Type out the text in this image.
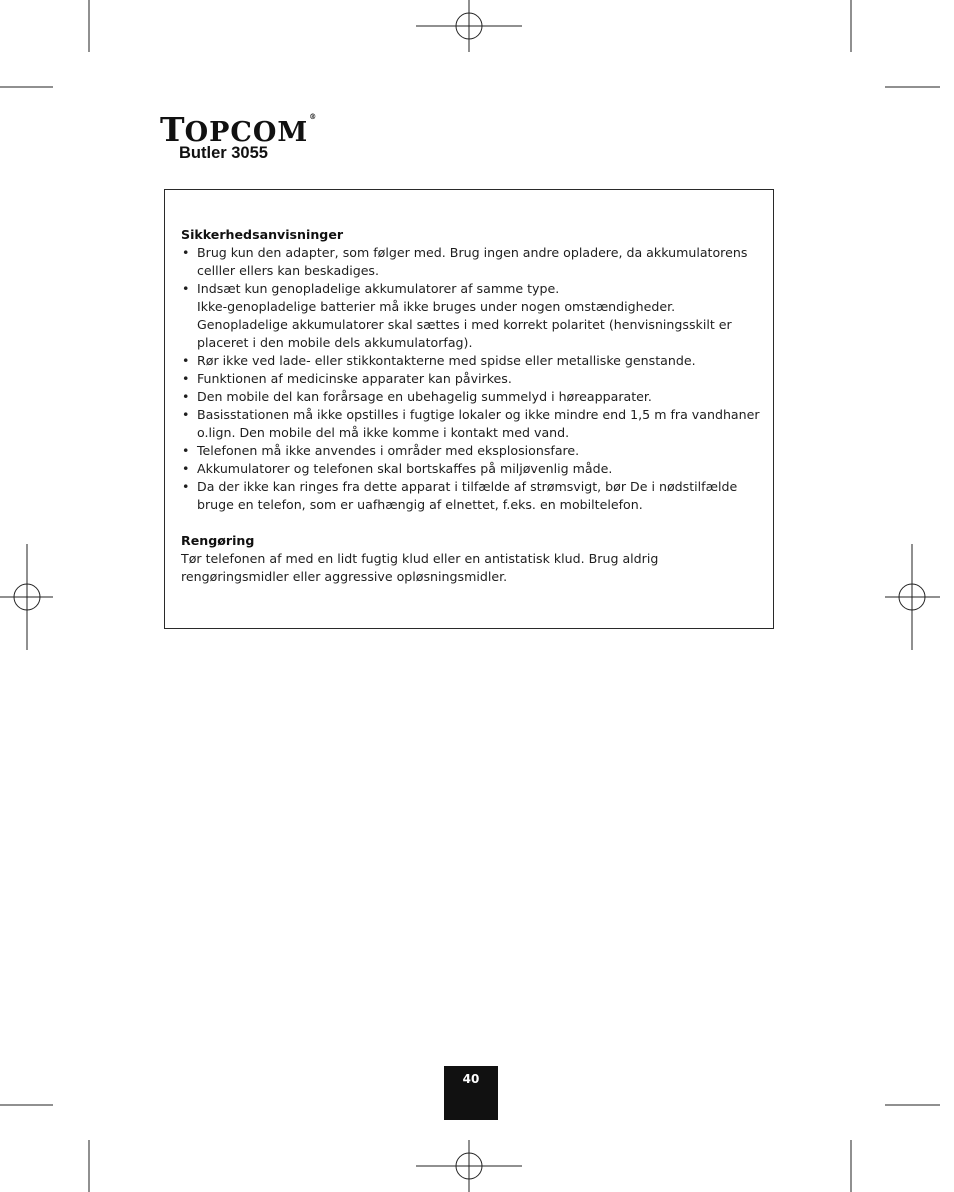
TOPCOM®
Butler 3055
Sikkerhedsanvisninger
• Brug kun den adapter, som følger med. Brug ingen andre opladere, da akkumulatorens
celller ellers kan beskadiges.
• Indsæt kun genopladelige akkumulatorer af samme type.
Ikke-genopladelige batterier må ikke bruges under nogen omstændigheder.
Genopladelige akkumulatorer skal sættes i med korrekt polaritet (henvisningsskilt er
placeret i den mobile dels akkumulatorfag).
• Rør ikke ved lade- eller stikkontakterne med spidse eller metalliske genstande.
• Funktionen af medicinske apparater kan påvirkes.
• Den mobile del kan forårsage en ubehagelig summelyd i høreapparater.
• Basisstationen må ikke opstilles i fugtige lokaler og ikke mindre end 1,5 m fra vandhaner
o.lign. Den mobile del må ikke komme i kontakt med vand.
• Telefonen må ikke anvendes i områder med eksplosionsfare.
• Akkumulatorer og telefonen skal bortskaffes på miljøvenlig måde.
• Da der ikke kan ringes fra dette apparat i tilfælde af strømsvigt, bør De i nødstilfælde
bruge en telefon, som er uafhængig af elnettet, f.eks. en mobiltelefon.
Rengøring

Tør telefonen af med en lidt fugtig klud eller en antistatisk klud. Brug aldrig
rengøringsmidler eller aggressive opløsningsmidler.

40
